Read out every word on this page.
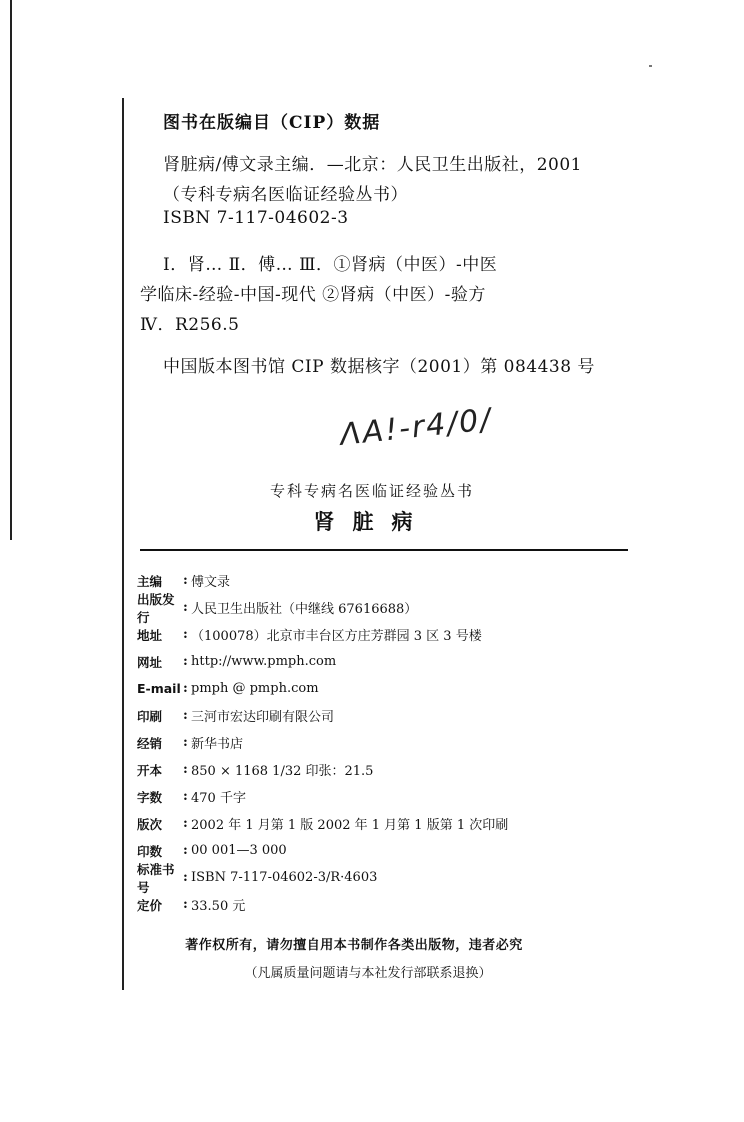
图书在版编目（CIP）数据
肾脏病/傅文录主编．—北京：人民卫生出版社，2001
（专科专病名医临证经验丛书）
ISBN 7-117-04602-3
Ⅰ．肾… Ⅱ．傅… Ⅲ．①肾病（中医）-中医
学临床-经验-中国-现代 ②肾病（中医）-验方
Ⅳ．R256.5
中国版本图书馆 CIP 数据核字（2001）第 084438 号
ΛΑ!-r4/0/
专科专病名医临证经验丛书
肾脏病
主编	: 傅文录
出版发行
: 人民卫生出版社（中继线 67616688）
地址	: （100078）北京市丰台区方庄芳群园 3 区 3 号楼
网址	: http://www.pmph.com
E-mail : pmph @ pmph.com
印刷	: 三河市宏达印刷有限公司
经销	: 新华书店
开本	: 850 × 1168 1/32 印张：21.5
字数	: 470 千字
版次	: 2002 年 1 月第 1 版 2002 年 1 月第 1 版第 1 次印刷
印数	: 00 001—3 000
标准书号
: ISBN 7-117-04602-3/R·4603
定价	: 33.50 元
著作权所有，请勿擅自用本书制作各类出版物，违者必究
（凡属质量问题请与本社发行部联系退换）
